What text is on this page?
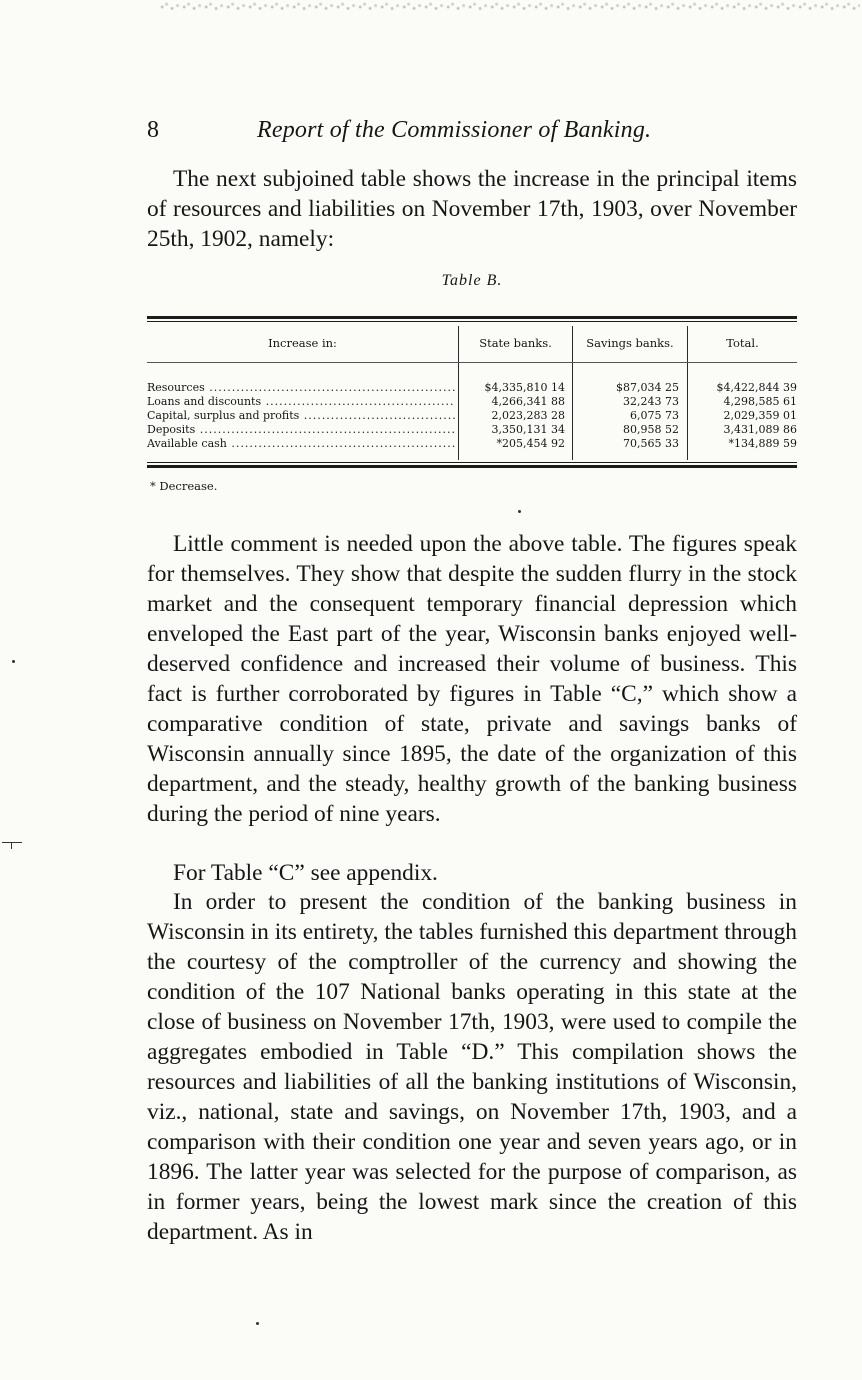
8	Report of the Commissioner of Banking.

The next subjoined table shows the increase in the principal items of resources and liabilities on November 17th, 1903, over November 25th, 1902, namely:

Table B.
Increase in:	State banks.	Savings banks.	Total.
Resources .....	$4,335,810 14	$87,034 25	$4,422,844 39
Loans and discounts .....	4,266,341 88	32,243 73	4,298,585 61
Capital, surplus and profits .....	2,023,283 28	6,075 73	2,029,359 01
Deposits .....	3,350,131 34	80,958 52	3,431,089 86
Available cash .....	*205,454 92	70,565 33	*134,889 59
* Decrease.

Little comment is needed upon the above table. The figures speak for themselves. They show that despite the sudden flurry in the stock market and the consequent temporary financial depression which enveloped the East part of the year, Wisconsin banks enjoyed well-deserved confidence and increased their volume of business. This fact is further corroborated by figures in Table “C,” which show a comparative condition of state, private and savings banks of Wisconsin annually since 1895, the date of the organization of this department, and the steady, healthy growth of the banking business during the period of nine years.

For Table “C” see appendix.

In order to present the condition of the banking business in Wisconsin in its entirety, the tables furnished this department through the courtesy of the comptroller of the currency and showing the condition of the 107 National banks operating in this state at the close of business on November 17th, 1903, were used to compile the aggregates embodied in Table “D.” This compilation shows the resources and liabilities of all the banking institutions of Wisconsin, viz., national, state and savings, on November 17th, 1903, and a comparison with their condition one year and seven years ago, or in 1896. The latter year was selected for the purpose of comparison, as in former years, being the lowest mark since the creation of this department. As in
